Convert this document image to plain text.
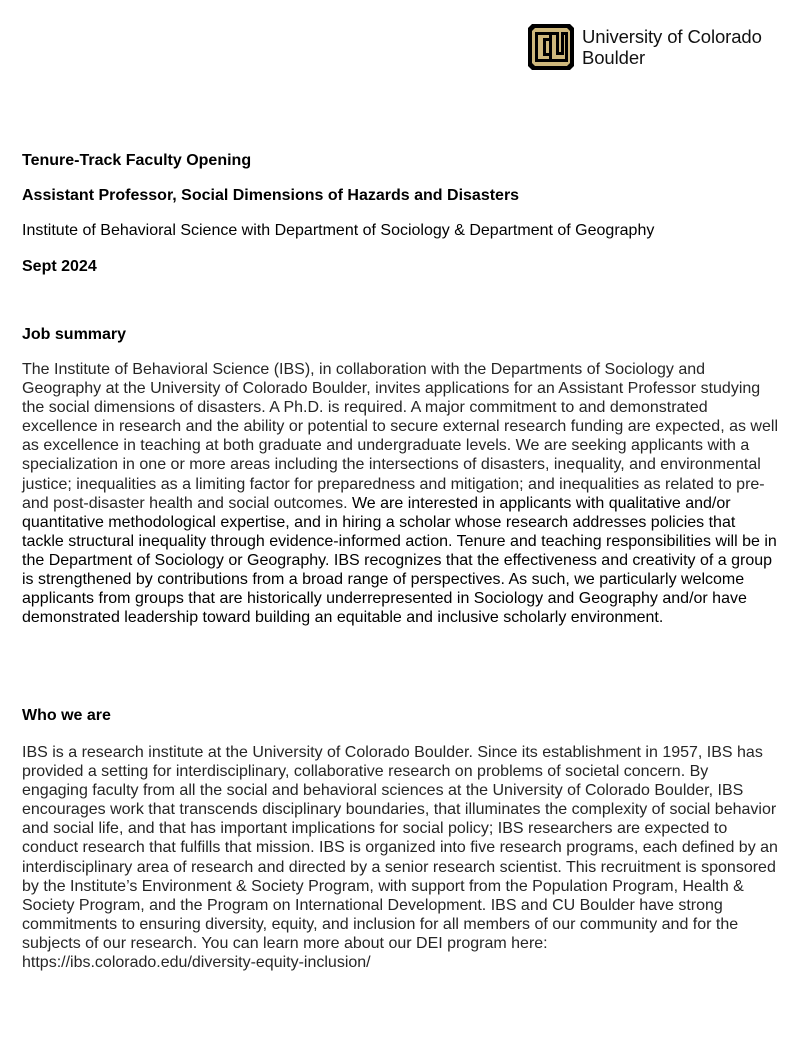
University of Colorado
Boulder
Tenure-Track Faculty Opening
Assistant Professor, Social Dimensions of Hazards and Disasters
Institute of Behavioral Science with Department of Sociology & Department of Geography
Sept 2024
Job summary
The Institute of Behavioral Science (IBS), in collaboration with the Departments of Sociology and Geography at the University of Colorado Boulder, invites applications for an Assistant Professor studying the social dimensions of disasters. A Ph.D. is required. A major commitment to and demonstrated excellence in research and the ability or potential to secure external research funding are expected, as well as excellence in teaching at both graduate and undergraduate levels. We are seeking applicants with a specialization in one or more areas including the intersections of disasters, inequality, and environmental justice; inequalities as a limiting factor for preparedness and mitigation; and inequalities as related to pre- and post-disaster health and social outcomes. We are interested in applicants with qualitative and/or quantitative methodological expertise, and in hiring a scholar whose research addresses policies that tackle structural inequality through evidence-informed action. Tenure and teaching responsibilities will be in the Department of Sociology or Geography. IBS recognizes that the effectiveness and creativity of a group is strengthened by contributions from a broad range of perspectives. As such, we particularly welcome applicants from groups that are historically underrepresented in Sociology and Geography and/or have demonstrated leadership toward building an equitable and inclusive scholarly environment.
Who we are
IBS is a research institute at the University of Colorado Boulder. Since its establishment in 1957, IBS has provided a setting for interdisciplinary, collaborative research on problems of societal concern. By engaging faculty from all the social and behavioral sciences at the University of Colorado Boulder, IBS encourages work that transcends disciplinary boundaries, that illuminates the complexity of social behavior and social life, and that has important implications for social policy; IBS researchers are expected to conduct research that fulfills that mission. IBS is organized into five research programs, each defined by an interdisciplinary area of research and directed by a senior research scientist. This recruitment is sponsored by the Institute’s Environment & Society Program, with support from the Population Program, Health & Society Program, and the Program on International Development. IBS and CU Boulder have strong commitments to ensuring diversity, equity, and inclusion for all members of our community and for the subjects of our research. You can learn more about our DEI program here: https://ibs.colorado.edu/diversity-equity-inclusion/
